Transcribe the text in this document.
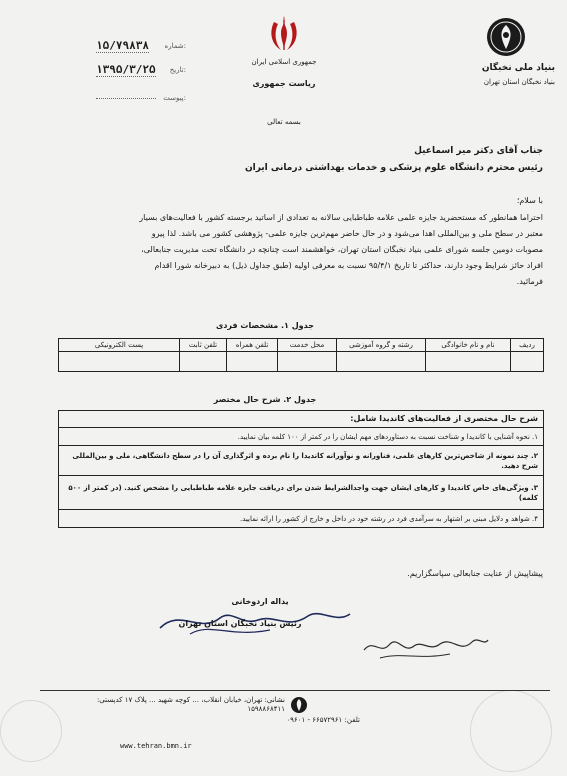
۱۵/۷۹۸۳۸ شماره:
۱۳۹۵/۳/۲۵ تاریخ:
پیوست:
جمهوری اسلامی ایران
ریاست جمهوری
بنیاد ملی نخبگان
بنیاد نخبگان استان تهران
بسمه تعالی
جناب آقای دکتر میر اسماعیل
رئیس محترم دانشگاه علوم پزشکی و خدمات بهداشتی درمانی ایران
با سلام؛
احتراما همانطور که مستحضرید جایزه علمی علامه طباطبایی سالانه به تعدادی از اساتید برجسته کشور با فعالیت‌های بسیار
معتبر در سطح ملی و بین‌المللی اهدا می‌شود و در حال حاضر مهم‌ترین جایزه علمی- پژوهشی کشور می باشد. لذا پیرو
مصوبات دومین جلسه شورای علمی بنیاد نخبگان استان تهران، خواهشمند است چنانچه در دانشگاه تحت مدیریت جنابعالی،
افراد حائز شرایط وجود دارند، حداکثر تا تاریخ ۹۵/۴/۱ نسبت به معرفی اولیه (طبق جداول ذیل) به دبیرخانه شورا اقدام
فرمائید.
جدول ۱. مشخصات فردی
ردیف	نام و نام خانوادگی	رشته و گروه آموزشی	محل خدمت	تلفن همراه	تلفن ثابت	پست الکترونیکی

جدول ۲. شرح حال مختصر
شرح حال مختصری از فعالیت‌های کاندیدا شامل:
۱. نحوه آشنایی با کاندیدا و شناخت نسبت به دستاوردهای مهم ایشان را در کمتر از ۱۰۰ کلمه بیان نمایید.
۲. چند نمونه از شاخص‌ترین کارهای علمی، فناورانه و نوآورانه کاندیدا را نام برده و اثرگذاری آن را در سطح دانشگاهی، ملی و بین‌المللی شرح دهید.
۳. ویژگی‌های خاص کاندیدا و کارهای ایشان جهت واجدالشرایط شدن برای دریافت جایزه علامه طباطبایی را مشخص کنید. (در کمتر از ۵۰۰ کلمه)
۴. شواهد و دلایل مبنی بر اشتهار به سرآمدی فرد در رشته خود در داخل و خارج از کشور را ارائه نمایید.
پیشاپیش از عنایت جنابعالی سپاسگزاریم.
یداله اردوخانی
رئیس بنیاد نخبگان استان تهران
نشانی: تهران، خیابان انقلاب، ... کوچه شهید ... پلاک ۱۷ کدپستی: ۱۵۹۸۸۶۸۴۱۱
تلفن: ۶۶۵۷۲۹۶۱ - ۰۹۶۰۱
www.tehran.bmn.ir
